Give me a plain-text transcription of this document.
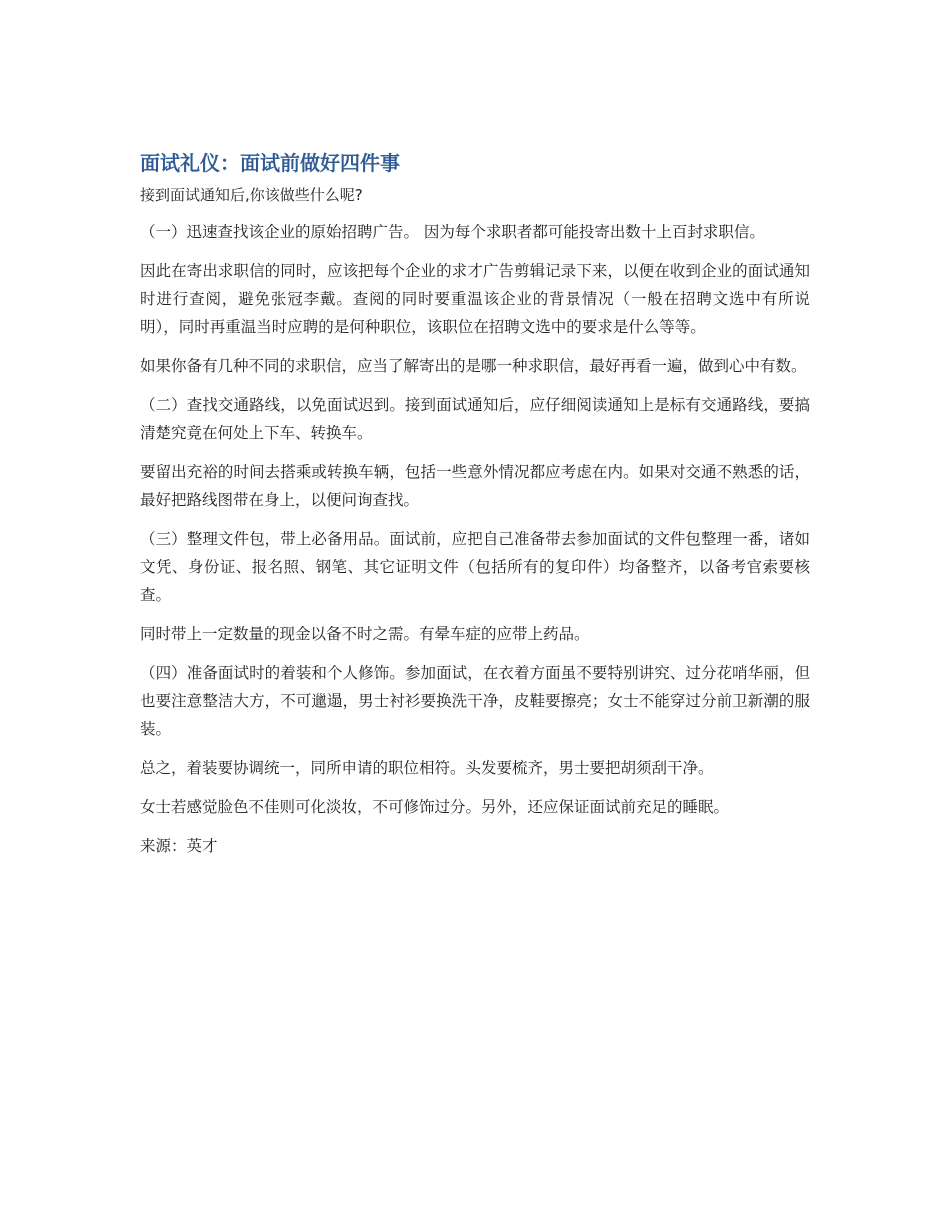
面试礼仪：面试前做好四件事

接到面试通知后,你该做些什么呢?

（一）迅速查找该企业的原始招聘广告。 因为每个求职者都可能投寄出数十上百封求职信。

因此在寄出求职信的同时，应该把每个企业的求才广告剪辑记录下来，以便在收到企业的面试通知时进行查阅，避免张冠李戴。查阅的同时要重温该企业的背景情况（一般在招聘文选中有所说明），同时再重温当时应聘的是何种职位，该职位在招聘文选中的要求是什么等等。

如果你备有几种不同的求职信，应当了解寄出的是哪一种求职信，最好再看一遍，做到心中有数。

（二）查找交通路线，以免面试迟到。接到面试通知后，应仔细阅读通知上是标有交通路线，要搞清楚究竟在何处上下车、转换车。

要留出充裕的时间去搭乘或转换车辆，包括一些意外情况都应考虑在内。如果对交通不熟悉的话，最好把路线图带在身上，以便问询查找。

（三）整理文件包，带上必备用品。面试前，应把自己准备带去参加面试的文件包整理一番，诸如文凭、身份证、报名照、钢笔、其它证明文件（包括所有的复印件）均备整齐，以备考官索要核查。

同时带上一定数量的现金以备不时之需。有晕车症的应带上药品。

（四）准备面试时的着装和个人修饰。参加面试，在衣着方面虽不要特别讲究、过分花哨华丽，但也要注意整洁大方，不可邋遢，男士衬衫要换洗干净，皮鞋要擦亮；女士不能穿过分前卫新潮的服装。

总之，着装要协调统一，同所申请的职位相符。头发要梳齐，男士要把胡须刮干净。

女士若感觉脸色不佳则可化淡妆，不可修饰过分。另外，还应保证面试前充足的睡眠。

来源：英才
